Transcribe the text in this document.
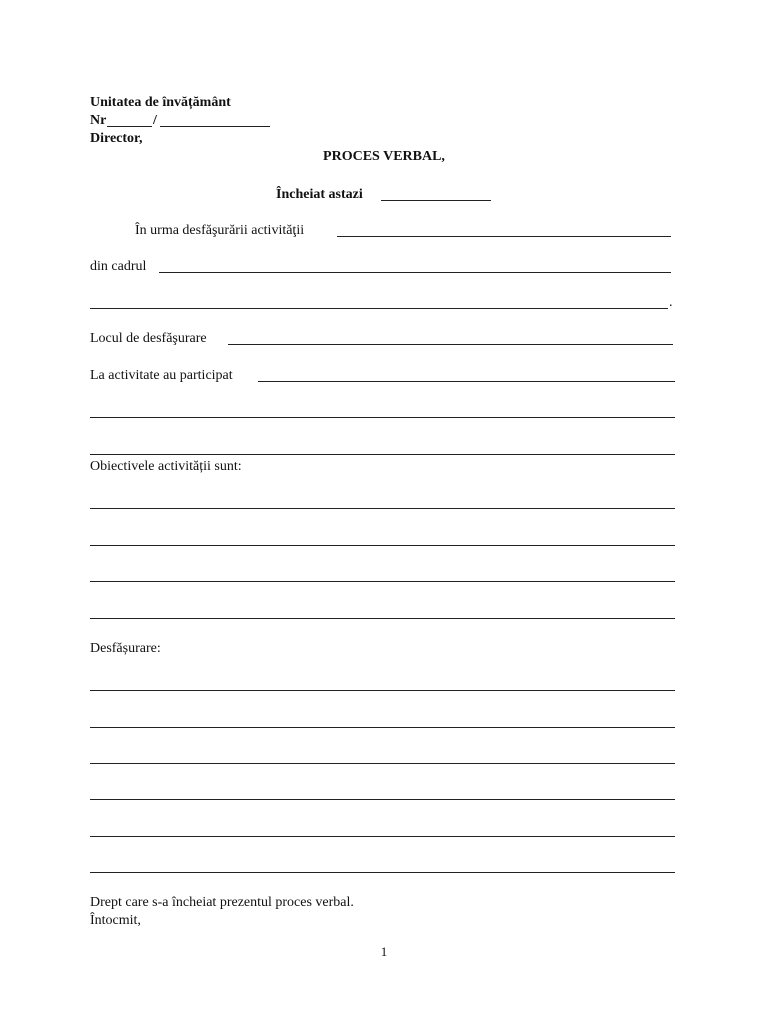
Unitatea de învățământ
Nr	/
Director,
PROCES VERBAL,
Încheiat astazi
În urma desfăşurării activităţii
din cadrul
.
Locul de desfăşurare
La activitate au participat
Obiectivele activității sunt:
Desfășurare:
Drept care s-a încheiat prezentul proces verbal.
Întocmit,
1
